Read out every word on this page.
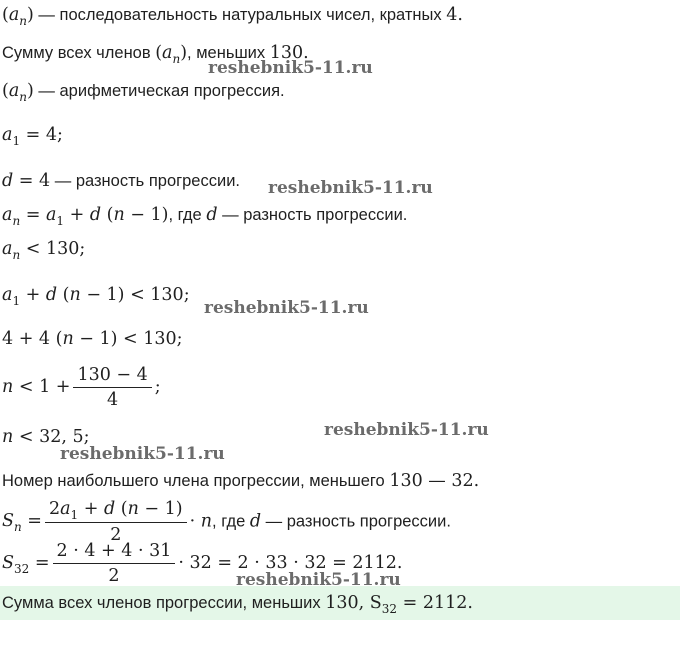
$(a_n)$ — последовательность натуральных чисел, кратных 4.
Сумму всех членов $(a_n)$, меньших 130.
$(a_n)$ — арифметическая прогрессия.
$a_1 = 4$;
d = 4 — разность прогрессии.
$a_n = a_1 + d$ (n − 1), где d — разность прогрессии.
$a_n < 130$;
$a_1 + d$ (n − 1) < 130;
4 + 4 (n − 1) < 130;
$n < 1 + \frac{130 - 4}{4}$ ;
n < 32, 5;
Номер наибольшего члена прогрессии, меньшего 130 — 32.
$S_n = \frac{2a_1 + d (n - 1)}{2} \cdot n$, где d — разность прогрессии.
$S_{32} = \frac{2 \cdot 4 + 4 \cdot 31}{2} \cdot 32 = 2 \cdot 33 \cdot 32 = 2112$.
Сумма всех членов прогрессии, меньших 130, $S_{32} = 2112$.
reshebnik5-11.ru
reshebnik5-11.ru
reshebnik5-11.ru
reshebnik5-11.ru
reshebnik5-11.ru
reshebnik5-11.ru
